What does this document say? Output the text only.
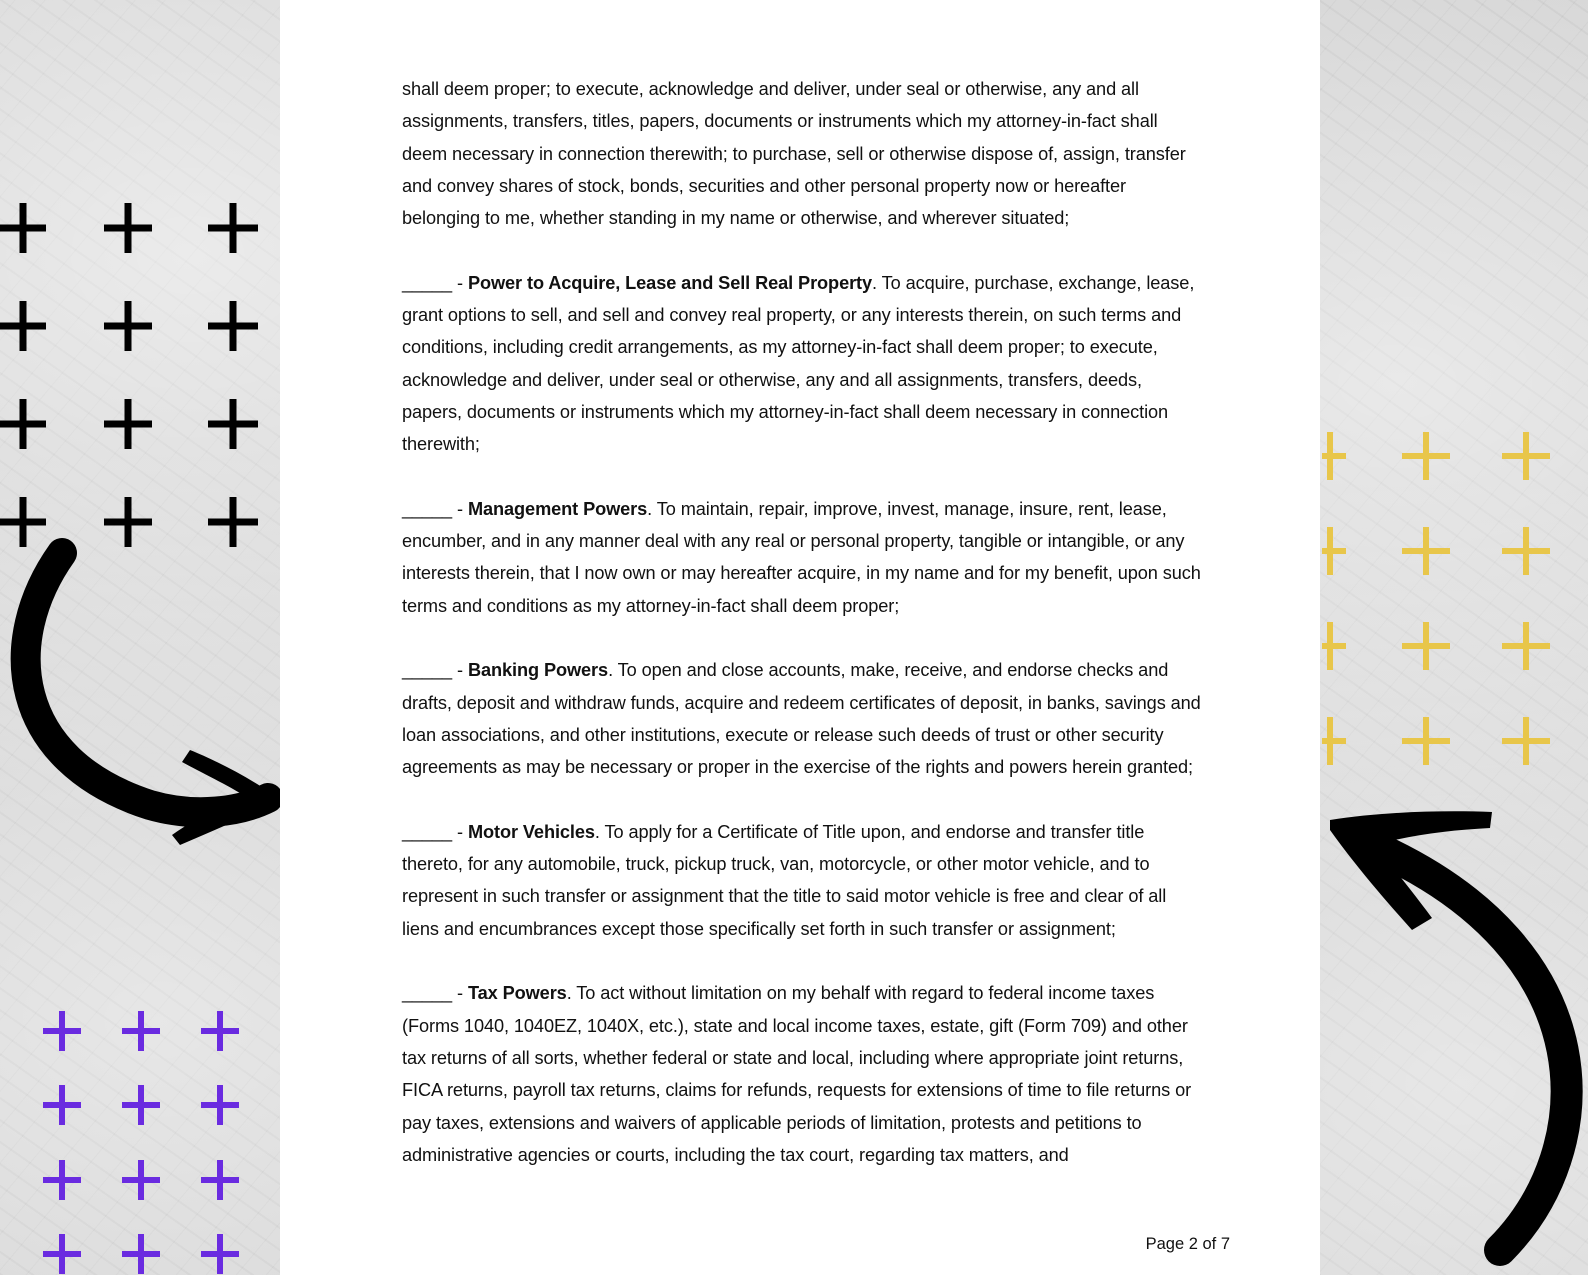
shall deem proper; to execute, acknowledge and deliver, under seal or otherwise, any and all assignments, transfers, titles, papers, documents or instruments which my attorney-in-fact shall deem necessary in connection therewith; to purchase, sell or otherwise dispose of, assign, transfer and convey shares of stock, bonds, securities and other personal property now or hereafter belonging to me, whether standing in my name or otherwise, and wherever situated;

_____ - Power to Acquire, Lease and Sell Real Property. To acquire, purchase, exchange, lease, grant options to sell, and sell and convey real property, or any interests therein, on such terms and conditions, including credit arrangements, as my attorney-in-fact shall deem proper; to execute, acknowledge and deliver, under seal or otherwise, any and all assignments, transfers, deeds, papers, documents or instruments which my attorney-in-fact shall deem necessary in connection therewith;

_____ - Management Powers. To maintain, repair, improve, invest, manage, insure, rent, lease, encumber, and in any manner deal with any real or personal property, tangible or intangible, or any interests therein, that I now own or may hereafter acquire, in my name and for my benefit, upon such terms and conditions as my attorney-in-fact shall deem proper;

_____ - Banking Powers. To open and close accounts, make, receive, and endorse checks and drafts, deposit and withdraw funds, acquire and redeem certificates of deposit, in banks, savings and loan associations, and other institutions, execute or release such deeds of trust or other security agreements as may be necessary or proper in the exercise of the rights and powers herein granted;

_____ - Motor Vehicles. To apply for a Certificate of Title upon, and endorse and transfer title thereto, for any automobile, truck, pickup truck, van, motorcycle, or other motor vehicle, and to represent in such transfer or assignment that the title to said motor vehicle is free and clear of all liens and encumbrances except those specifically set forth in such transfer or assignment;

_____ - Tax Powers. To act without limitation on my behalf with regard to federal income taxes (Forms 1040, 1040EZ, 1040X, etc.), state and local income taxes, estate, gift (Form 709) and other tax returns of all sorts, whether federal or state and local, including where appropriate joint returns, FICA returns, payroll tax returns, claims for refunds, requests for extensions of time to file returns or pay taxes, extensions and waivers of applicable periods of limitation, protests and petitions to administrative agencies or courts, including the tax court, regarding tax matters, and

Page 2 of 7
